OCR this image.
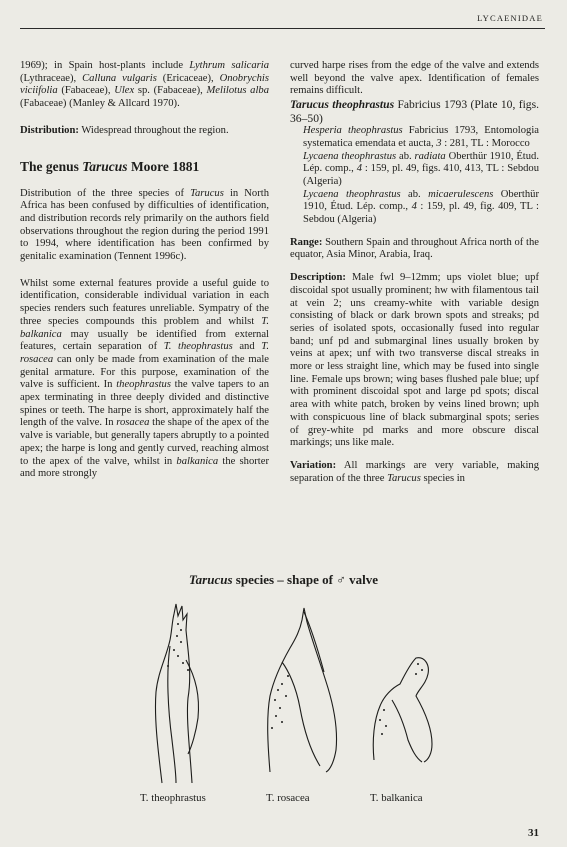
LYCAENIDAE

1969); in Spain host-plants include Lythrum salicaria (Lythraceae), Calluna vulgaris (Ericaceae), Onobrychis viciifolia (Fabaceae), Ulex sp. (Fabaceae), Melilotus alba (Fabaceae) (Manley & Allcard 1970).

Distribution: Widespread throughout the region.

The genus Tarucus Moore 1881

Distribution of the three species of Tarucus in North Africa has been confused by difficulties of identification, and distribution records rely primarily on the authors field observations throughout the region during the period 1991 to 1994, where identification has been confirmed by genitalic examination (Tennent 1996c).

Whilst some external features provide a useful guide to identification, considerable individual variation in each species renders such features unreliable. Sympatry of the three species compounds this problem and whilst T. balkanica may usually be identified from external features, certain separation of T. theophrastus and T. rosacea can only be made from examination of the male genital armature. For this purpose, examination of the valve is sufficient. In theophrastus the valve tapers to an apex terminating in three deeply divided and distinctive spines or teeth. The harpe is short, approximately half the length of the valve. In rosacea the shape of the apex of the valve is variable, but generally tapers abruptly to a pointed apex; the harpe is long and gently curved, reaching almost to the apex of the valve, whilst in balkanica the shorter and more strongly

curved harpe rises from the edge of the valve and extends well beyond the valve apex. Identification of females remains difficult.

Tarucus theophrastus Fabricius 1793 (Plate 10, figs. 36–50)

Hesperia theophrastus Fabricius 1793, Entomologia systematica emendata et aucta, 3 : 281, TL : Morocco

Lycaena theophrastus ab. radiata Oberthür 1910, Étud. Lép. comp., 4 : 159, pl. 49, figs. 410, 413, TL : Sebdou (Algeria)

Lycaena theophrastus ab. micaerulescens Oberthür 1910, Étud. Lép. comp., 4 : 159, pl. 49, fig. 409, TL : Sebdou (Algeria)

Range: Southern Spain and throughout Africa north of the equator, Asia Minor, Arabia, Iraq.

Description: Male fwl 9–12mm; ups violet blue; upf discoidal spot usually prominent; hw with filamentous tail at vein 2; uns creamy-white with variable design consisting of black or dark brown spots and streaks; pd series of isolated spots, occasionally fused into regular band; unf pd and submarginal lines usually broken by veins at apex; unf with two transverse discal streaks in more or less straight line, which may be fused into single line. Female ups brown; wing bases flushed pale blue; upf with prominent discoidal spot and large pd spots; discal area with white patch, broken by veins lined brown; uph with conspicuous line of black submarginal spots; series of grey-white pd marks and more obscure discal markings; uns like male.

Variation: All markings are very variable, making separation of the three Tarucus species in

Tarucus species – shape of ♂ valve
T. theophrastus	T. rosacea	T. balkanica
31
